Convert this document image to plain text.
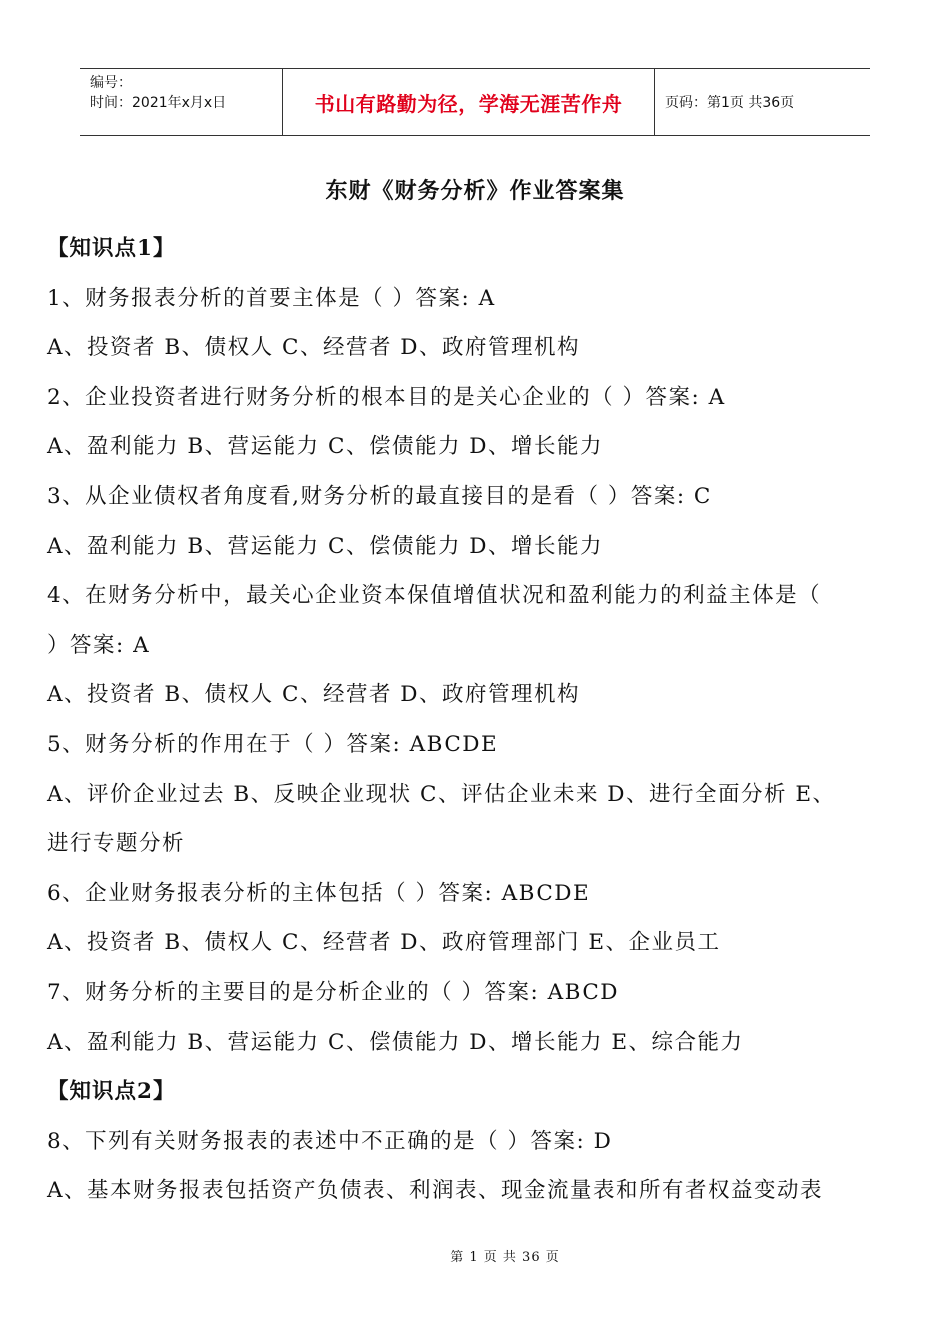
编号：
时间：2021年x月x日	书山有路勤为径，学海无涯苦作舟	页码：第1页 共36页
东财《财务分析》作业答案集
【知识点1】
1、财务报表分析的首要主体是（ ）答案: A
A、投资者 B、债权人 C、经营者 D、政府管理机构
2、企业投资者进行财务分析的根本目的是关心企业的（ ）答案: A
A、盈利能力 B、营运能力 C、偿债能力 D、增长能力
3、从企业债权者角度看,财务分析的最直接目的是看（ ）答案: C
A、盈利能力 B、营运能力 C、偿债能力 D、增长能力
4、在财务分析中，最关心企业资本保值增值状况和盈利能力的利益主体是（
）答案: A
A、投资者 B、债权人 C、经营者 D、政府管理机构
5、财务分析的作用在于（ ）答案: ABCDE
A、评价企业过去 B、反映企业现状 C、评估企业未来 D、进行全面分析 E、
进行专题分析
6、企业财务报表分析的主体包括（ ）答案: ABCDE
A、投资者 B、债权人 C、经营者 D、政府管理部门 E、企业员工
7、财务分析的主要目的是分析企业的（ ）答案: ABCD
A、盈利能力 B、营运能力 C、偿债能力 D、增长能力 E、综合能力
【知识点2】
8、下列有关财务报表的表述中不正确的是（ ）答案: D
A、基本财务报表包括资产负债表、利润表、现金流量表和所有者权益变动表
第 1 页 共 36 页
